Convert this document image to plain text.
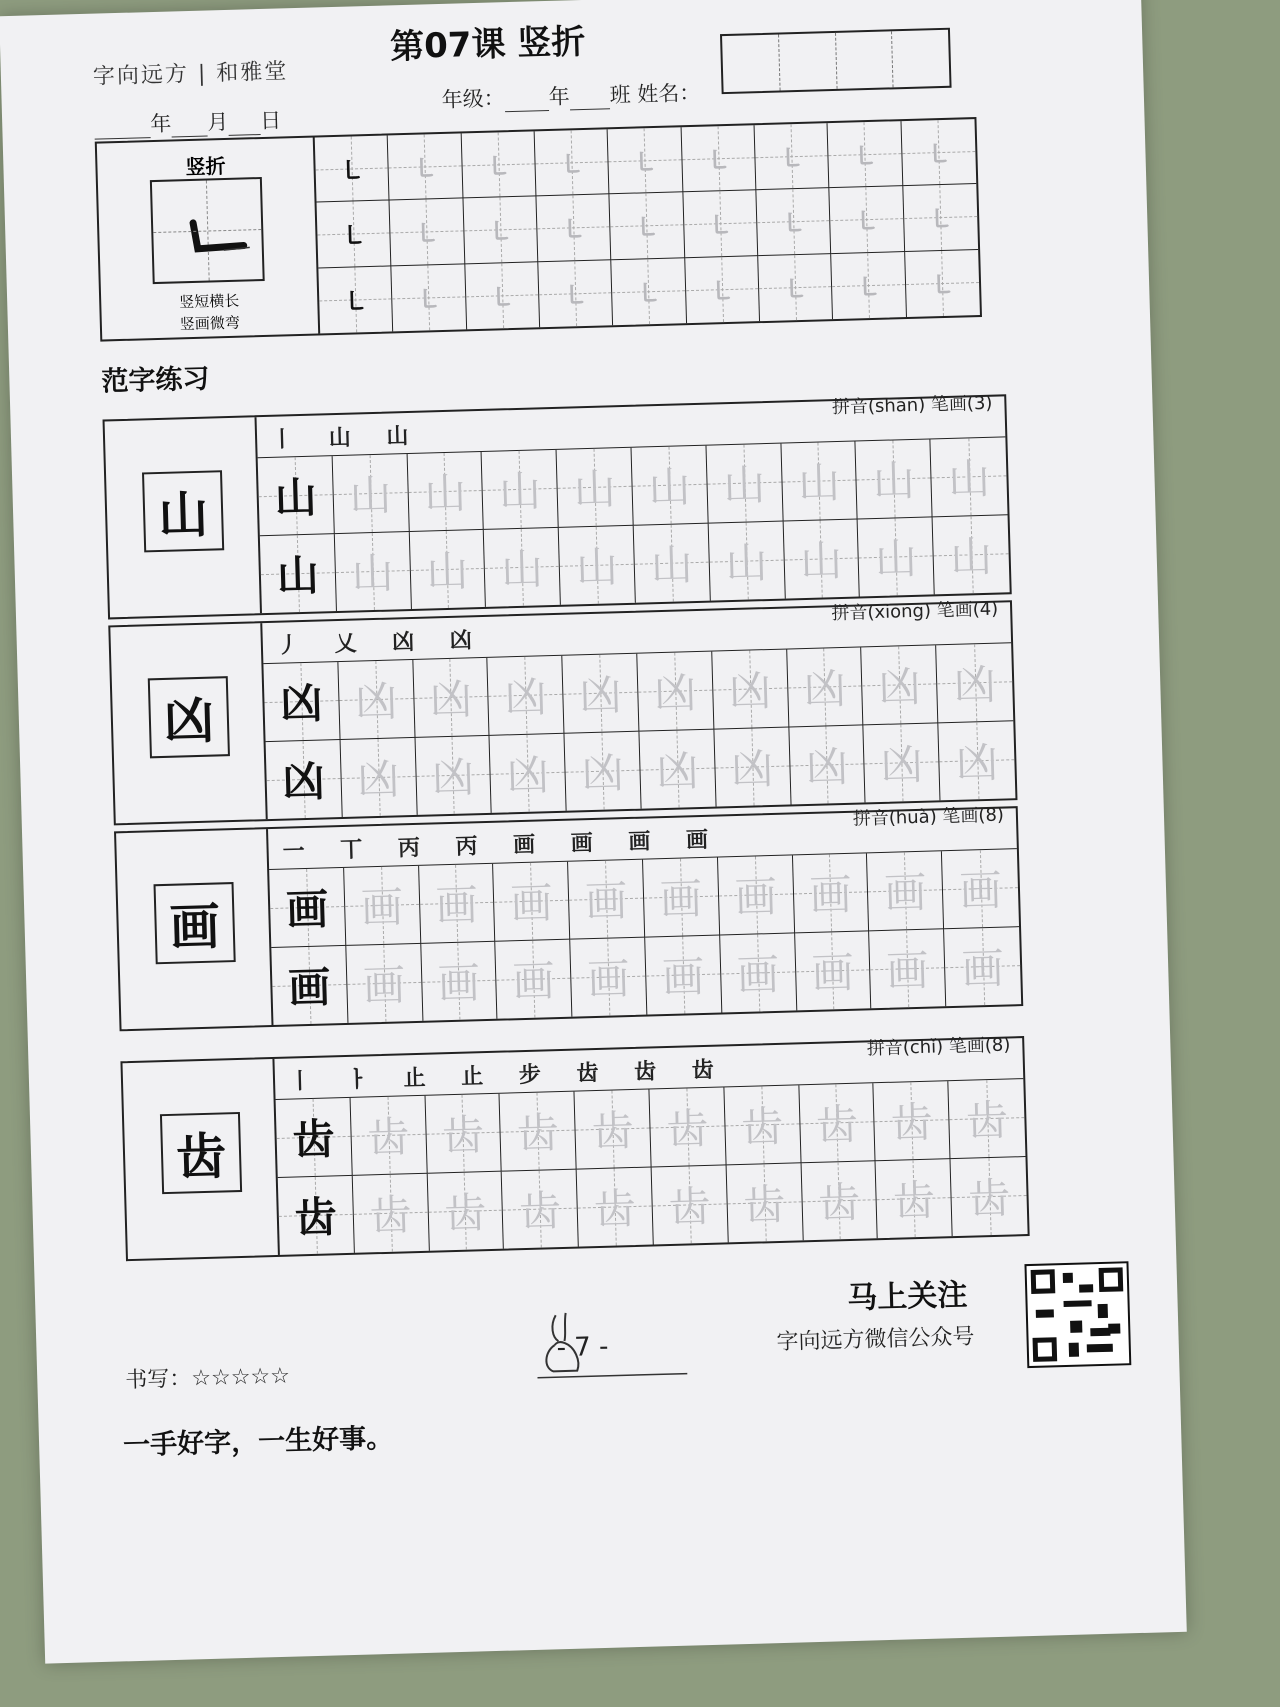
字向远方 | 和雅堂
第07课 竖折
年 月 日
年级： 年 班 姓名：
竖折
竖短横长
竖画微弯
㇄ ㇄ ㇄ ㇄ ㇄ ㇄ ㇄ ㇄ ㇄
㇄ ㇄ ㇄ ㇄ ㇄ ㇄ ㇄ ㇄ ㇄
㇄ ㇄ ㇄ ㇄ ㇄ ㇄ ㇄ ㇄ ㇄
范字练习
山
丨 山 山
拼音(shān) 笔画(3)
山 山 山 山 山 山 山 山 山 山
山 山 山 山 山 山 山 山 山 山
凶
丿 乂 凶 凶
拼音(xiōng) 笔画(4)
凶 凶 凶 凶 凶 凶 凶 凶 凶 凶
凶 凶 凶 凶 凶 凶 凶 凶 凶 凶
画
一 丅 丙 丙 画 画 画 画
拼音(huà) 笔画(8)
画 画 画 画 画 画 画 画 画 画
画 画 画 画 画 画 画 画 画 画
齿
丨 ㅏ 止 止 步 齿 齿 齿
拼音(chǐ) 笔画(8)
齿 齿 齿 齿 齿 齿 齿 齿 齿 齿
齿 齿 齿 齿 齿 齿 齿 齿 齿 齿
马上关注
字向远方微信公众号
书写：☆☆☆☆☆
- 7 -
一手好字，一生好事。
